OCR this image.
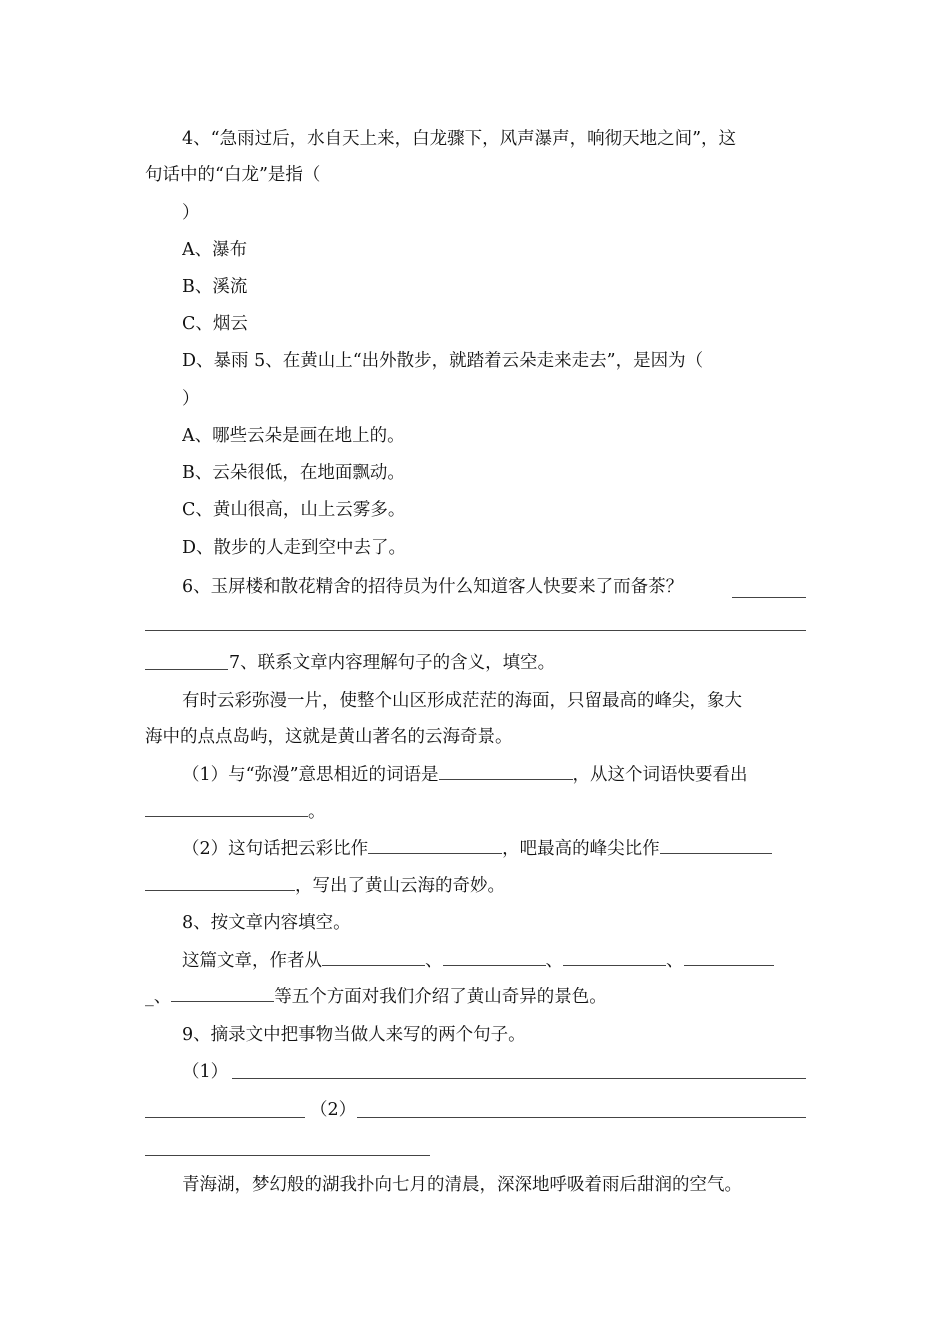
4、“急雨过后，水自天上来，白龙骤下，风声瀑声，响彻天地之间”，这
句话中的“白龙”是指（
）
A、瀑布
B、溪流
C、烟云
D、暴雨 5、在黄山上“出外散步，就踏着云朵走来走去”，是因为（
）
A、哪些云朵是画在地上的。
B、云朵很低，在地面飘动。
C、黄山很高，山上云雾多。
D、散步的人走到空中去了。
6、玉屏楼和散花精舍的招待员为什么知道客人快要来了而备茶？
7、联系文章内容理解句子的含义，填空。
有时云彩弥漫一片，使整个山区形成茫茫的海面，只留最高的峰尖，象大
海中的点点岛屿，这就是黄山著名的云海奇景。
（1）与“弥漫”意思相近的词语是	，从这个词语快要看出
。
（2）这句话把云彩比作	，吧最高的峰尖比作
，写出了黄山云海的奇妙。
8、按文章内容填空。
这篇文章，作者从	、	、	、
_、	等五个方面对我们介绍了黄山奇异的景色。
9、摘录文中把事物当做人来写的两个句子。
（1）
（2）
青海湖，梦幻般的湖我扑向七月的清晨，深深地呼吸着雨后甜润的空气。
